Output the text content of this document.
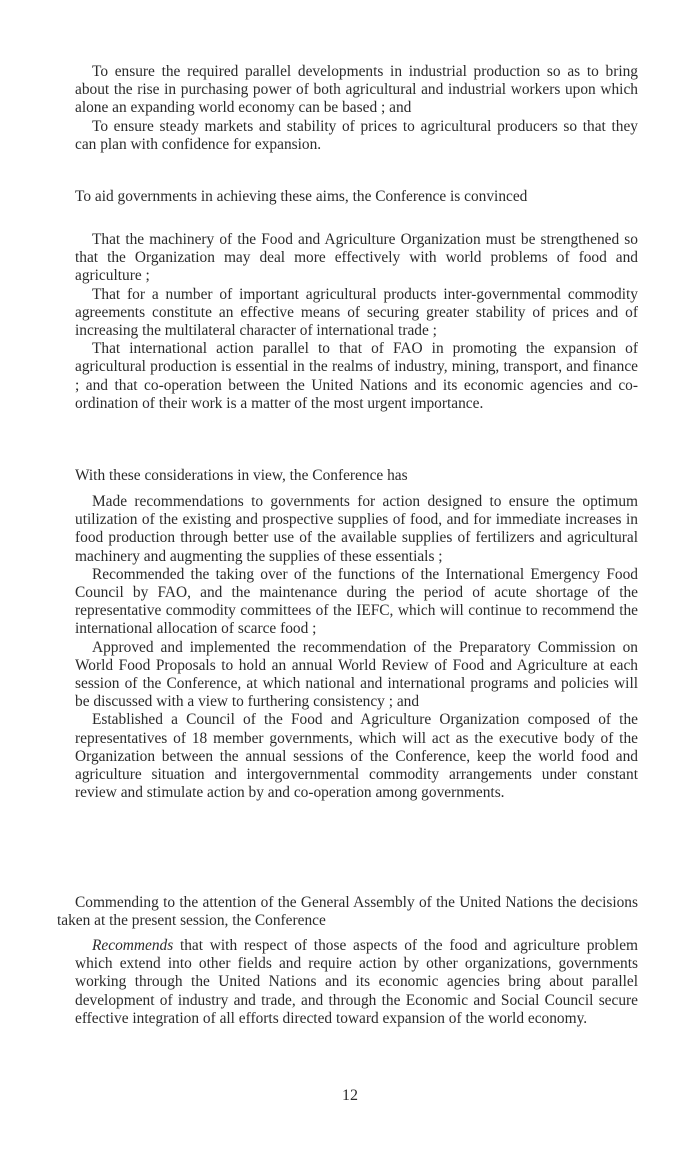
To ensure the required parallel developments in industrial production so as to bring about the rise in purchasing power of both agricultural and industrial workers upon which alone an expanding world economy can be based ; and

To ensure steady markets and stability of prices to agricultural producers so that they can plan with confidence for expansion.

To aid governments in achieving these aims, the Conference is convinced

That the machinery of the Food and Agriculture Organization must be strengthened so that the Organization may deal more effectively with world problems of food and agriculture ;

That for a number of important agricultural products inter-governmental commodity agreements constitute an effective means of securing greater stability of prices and of increasing the multilateral character of international trade ;

That international action parallel to that of FAO in promoting the expansion of agricultural production is essential in the realms of industry, mining, transport, and finance ; and that co-operation between the United Nations and its economic agencies and co-ordination of their work is a matter of the most urgent importance.

With these considerations in view, the Conference has

Made recommendations to governments for action designed to ensure the optimum utilization of the existing and prospective supplies of food, and for immediate increases in food production through better use of the available supplies of fertilizers and agricultural machinery and augmenting the supplies of these essentials ;

Recommended the taking over of the functions of the International Emergency Food Council by FAO, and the maintenance during the period of acute shortage of the representative commodity committees of the IEFC, which will continue to recommend the international allocation of scarce food ;

Approved and implemented the recommendation of the Preparatory Commission on World Food Proposals to hold an annual World Review of Food and Agriculture at each session of the Conference, at which national and international programs and policies will be discussed with a view to furthering consistency ; and

Established a Council of the Food and Agriculture Organization composed of the representatives of 18 member governments, which will act as the executive body of the Organization between the annual sessions of the Conference, keep the world food and agriculture situation and intergovernmental commodity arrangements under constant review and stimulate action by and co-operation among governments.

Commending to the attention of the General Assembly of the United Nations the decisions taken at the present session, the Conference

Recommends that with respect of those aspects of the food and agriculture problem which extend into other fields and require action by other organizations, governments working through the United Nations and its economic agencies bring about parallel development of industry and trade, and through the Economic and Social Council secure effective integration of all efforts directed toward expansion of the world economy.

12
